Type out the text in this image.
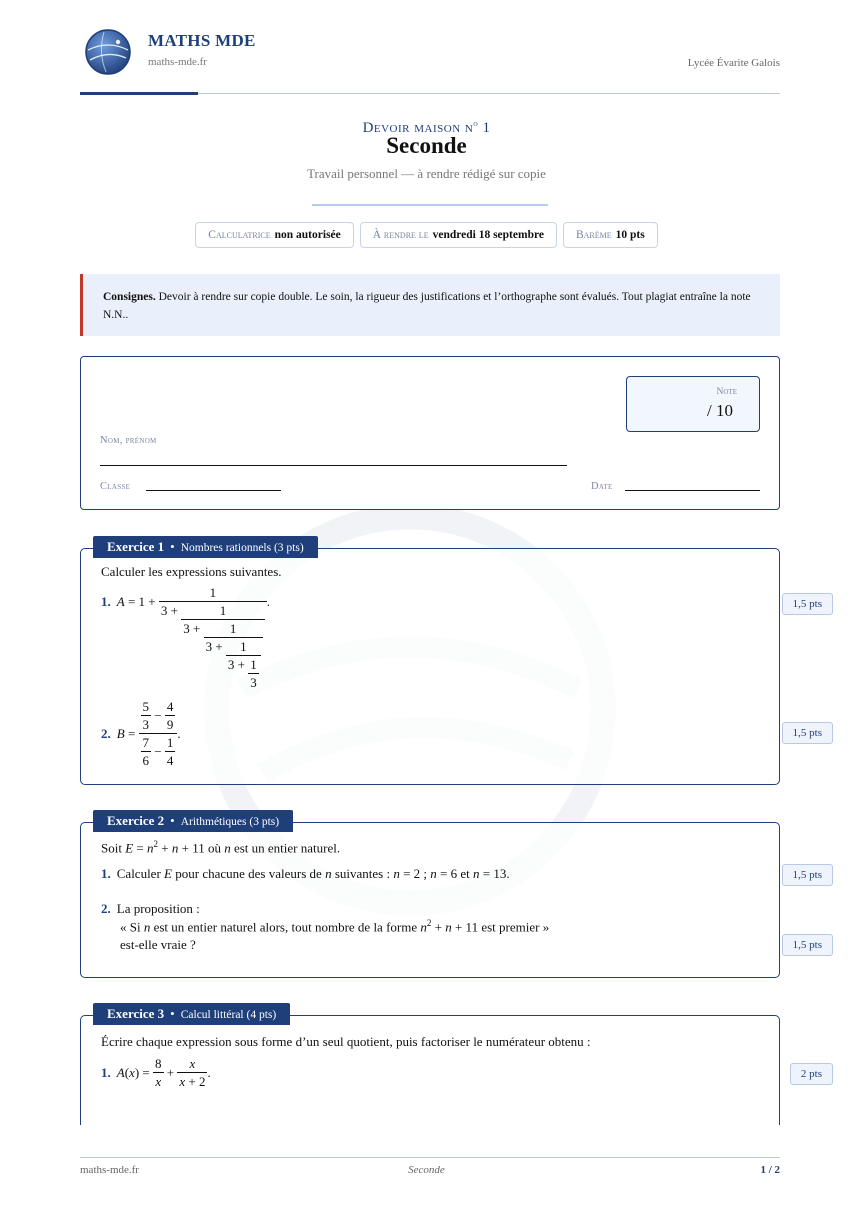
MATHS MDE
maths-mde.fr	Lycée Évarite Galois
Devoir maison $n^o$ 1
Seconde
Travail personnel — à rendre rédigé sur copie
Calculatrice non autorisée	À rendre le vendredi 18 septembre	Barème 10 pts
Consignes. Devoir à rendre sur copie double. Le soin, la rigueur des justifications et l’orthographe sont évalués. Tout plagiat entraîne la note N.N..
Note
/ 10
Nom, prénom
Classe	Date
Exercice 1 • Nombres rationnels (3 pts)
Calculer les expressions suivantes.
1. A = 1 +
1
3 +	1
3 + 1
$3 + \frac{1}{3 + \frac{1}{3}}$
.	1,5 pts
2. $B = \frac{\frac{5}{3} - \frac{4}{9}}{\frac{7}{6} - \frac{1}{4}}$ .	1,5 pts
Exercice 2 • Arithmétiques (3 pts)
Soit $E = n^2 + n + 11$ où n est un entier naturel.
1. Calculer E pour chacune des valeurs de n suivantes : n = 2 ; n = 6 et n = 13.	1,5 pts
2. La proposition :
« Si n est un entier naturel alors, tout nombre de la forme $n^2 + n + 11$ est premier »
est-elle vraie ?	1,5 pts
Exercice 3 • Calcul littéral (4 pts)
Écrire chaque expression sous forme d’un seul quotient, puis factoriser le numérateur obtenu :
1. $A(x) = \frac{8}{x} + \frac{x}{x + 2}$ .	2 pts
maths-mde.fr	Seconde	1 / 2
